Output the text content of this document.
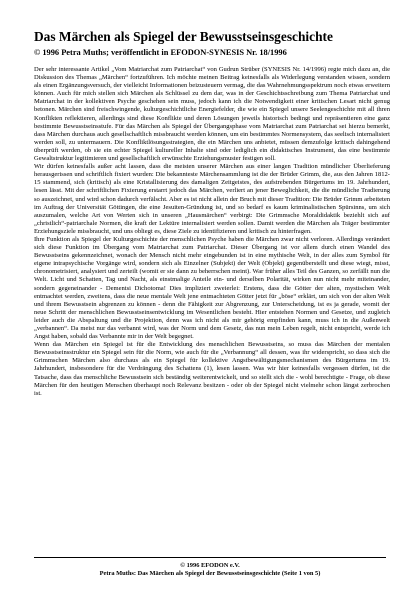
Das Märchen als Spiegel der Bewusstseinsgeschichte
© 1996 Petra Muths; veröffentlicht in EFODON-SYNESIS Nr. 18/1996

Der sehr interessante Artikel „Vom Matriarchat zum Patriarchat“ von Gudrun Strüber (SYNESIS Nr. 14/1996) regte mich dazu an, die Diskussion des Themas „Märchen“ fortzuführen. Ich möchte meinen Beitrag keinesfalls als Widerlegung verstanden wissen, sondern als einen Ergänzungsversuch, der vielleicht Informationen beizusteuern vermag, die das Wahrnehmungsspektrum noch etwas erweitern können. Auch für mich stellen sich Märchen als Schlüssel zu dem dar, was in der Geschichtsschreibung zum Thema Patriarchat und Matriarchat in der kollektiven Psyche geschehen sein muss, jedoch kann ich die Notwendigkeit einer kritischen Lesart nicht genug betonen. Märchen sind freischwingende, kulturgeschichtliche Energiefelder, die wie ein Spiegel unsere Seelengeschichte mit all ihren Konflikten reflektieren, allerdings sind diese Konflikte und deren Lösungen jeweils historisch bedingt und repräsentieren eine ganz bestimmte Bewusstseinsstufe. Für das Märchen als Spiegel der Übergangsphase vom Matriarchat zum Patriarchat sei hierzu bemerkt, dass Märchen durchaus auch gesellschaftlich missbraucht werden können, um ein bestimmtes Normensystem, das seelisch internalisiert werden soll, zu untermauern. Die Konfliktlösungsstrategien, die ein Märchen uns anbietet, müssen demzufolge kritisch dahingehend überprüft werden, ob sie ein echter Spiegel kultureller Inhalte sind oder lediglich ein didaktisches Instrument, das eine bestimmte Gewaltstruktur legitimieren und gesellschaftlich erwünschte Erziehungsmuster festigen soll.

Wir dürfen keinesfalls außer acht lassen, dass die meisten unserer Märchen aus einer langen Tradition mündlicher Überlieferung herausgerissen und schriftlich fixiert wurden: Die bekannteste Märchensammlung ist die der Brüder Grimm, die, aus den Jahren 1812-15 stammend, sich (kritisch) als eine Kristallisierung des damaligen Zeitgeistes, des aufstrebenden Bürgertums im 19. Jahrhundert, lesen lässt. Mit der schriftlichen Fixierung erstarrt jedoch das Märchen, verliert an jener Beweglichkeit, die die mündliche Tradierung so auszeichnet, und wird schon dadurch verfälscht. Aber es ist nicht allein der Bruch mit dieser Tradition: Die Brüder Grimm arbeiteten im Auftrag der Universität Göttingen, die eine Jesuiten-Gründung ist, und so bedarf es kaum kriminalistischen Spürsinns, um sich auszumalen, welche Art von Werten sich in unseren „Hausmärchen“ verbirgt: Die Grimmsche Moraldidaktik beziehlt sich auf „christlich“-patriarchale Normen, die kraft der Lektüre internalisiert werden sollen. Damit werden die Märchen als Träger bestimmter Erziehungsziele missbraucht, und uns obliegt es, diese Ziele zu identifizieren und kritisch zu hinterfragen.

Ihre Funktion als Spiegel der Kulturgeschichte der menschlichen Psyche haben die Märchen zwar nicht verloren. Allerdings verändert sich diese Funktion im Übergang vom Matriarchat zum Patriarchat. Dieser Übergang ist vor allem durch einen Wandel des Bewusstseins gekennzeichnet, wonach der Mensch nicht mehr eingebunden ist in eine mythische Welt, in der alles zum Symbol für eigene intrapsychische Vorgänge wird, sondern sich als Einzelner (Subjekt) der Welt (Objekt) gegenüberstellt und diese wiegt, misst, chronometrisiert, analysiert und zerteilt (womit er sie dann zu beherrschen meint). War früher alles Teil des Ganzen, so zerfällt nun die Welt. Licht und Schatten, Tag und Nacht, als einstmalige Anteile ein- und derselben Polarität, wirken nun nicht mehr miteinander, sondern gegeneinander - Dementsi Dichotoma! Dies impliziert zweierlei: Erstens, dass die Götter der alten, mystischen Welt entmachtet werden, zweitens, dass die neue mentale Welt jene entmachteten Götter jetzt für „böse“ erklärt, um sich von der alten Welt und ihrem Bewusstsein abgrenzen zu können - denn die Fähigkeit zur Abgrenzung, zur Unterscheidung, ist es ja gerade, womit der neue Schritt der menschlichen Bewusstseinsentwicklung im Wesentlichen besteht. Hier entstehen Normen und Gesetze, und zugleich leider auch die Abspaltung und die Projektion, denn was ich nicht als mir gehörig empfinden kann, muss ich in die Außenwelt „verbannen“. Da meist nur das verbannt wird, was der Norm und dem Gesetz, das nun mein Leben regelt, nicht entspricht, werde ich Angst haben, sobald das Verbannte mir in der Welt begegnet.

Wenn das Märchen ein Spiegel ist für die Entwicklung des menschlichen Bewusstseins, so muss das Märchen der mentalen Bewusstseinsstruktur ein Spiegel sein für die Norm, wie auch für die „Verbannung“ all dessen, was ihr widerspricht, so dass sich die Grimmschen Märchen also durchaus als ein Spiegel für kollektive Angstbewältigungsmechanismen des Bürgertums im 19. Jahrhundert, insbesondere für die Verdrängung des Schattens (1), lesen lassen. Was wir hier keinesfalls vergessen dürfen, ist die Tatsache, dass das menschliche Bewusstsein sich beständig weiterentwickelt, und so stellt sich die - wohl berechtigte - Frage, ob diese Märchen für den heutigen Menschen überhaupt noch Relevanz besitzen - oder ob der Spiegel nicht vielmehr schon längst zerbrochen ist.

© 1996 EFODON e.V.
Petra Muths: Das Märchen als Spiegel der Bewusstseinsgeschichte (Seite 1 von 5)
